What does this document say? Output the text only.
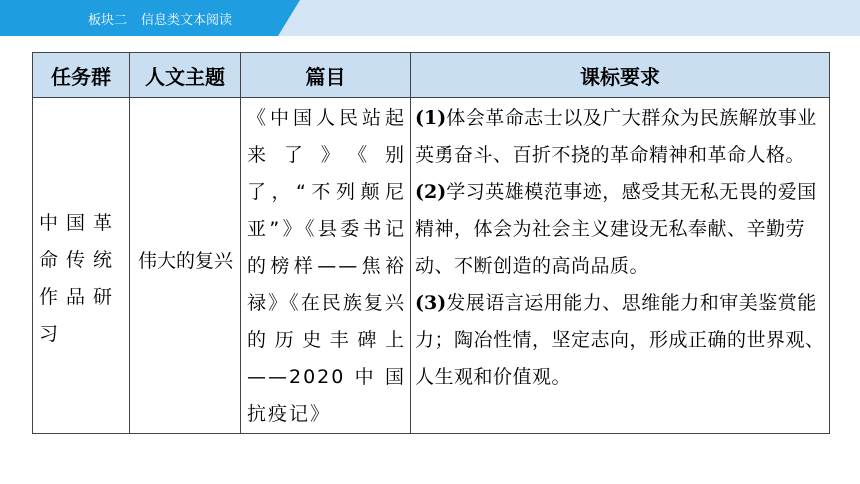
板块二 信息类文本阅读
任务群	人文主题	篇目	课标要求
中国革命传统作品研习	伟大的复兴	《中国人民站起来了》《别了，“不列颠尼亚”》《县委书记的榜样——焦裕禄》《在民族复兴的历史丰碑上——2020中国抗疫记》	(1)体会革命志士以及广大群众为民族解放事业英勇奋斗、百折不挠的革命精神和革命人格。
(2)学习英雄模范事迹，感受其无私无畏的爱国精神，体会为社会主义建设无私奉献、辛勤劳动、不断创造的高尚品质。
(3)发展语言运用能力、思维能力和审美鉴赏能力；陶冶性情，坚定志向，形成正确的世界观、人生观和价值观。
